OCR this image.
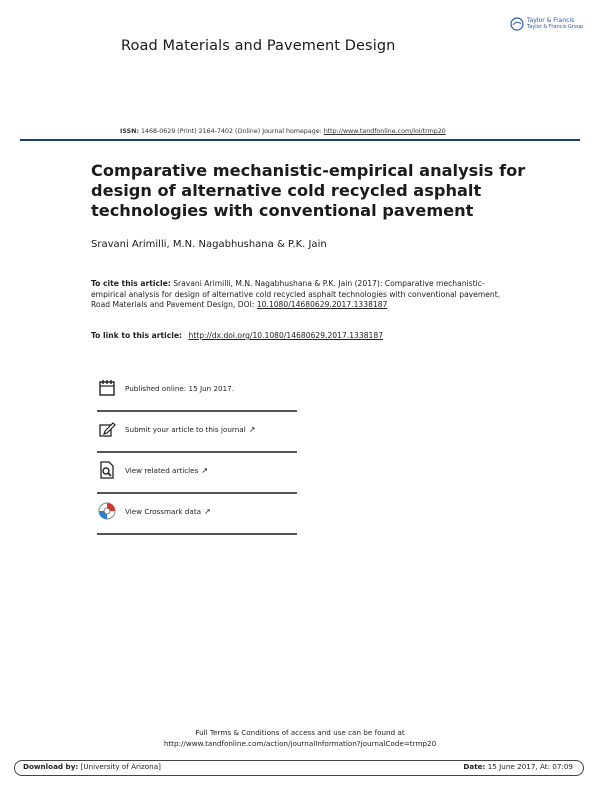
Road Materials and Pavement Design
Taylor & Francis
Taylor & Francis Group
ISSN: 1468-0629 (Print) 2164-7402 (Online) Journal homepage: http://www.tandfonline.com/loi/trmp20
Comparative mechanistic-empirical analysis for design of alternative cold recycled asphalt technologies with conventional pavement
Sravani Arimilli, M.N. Nagabhushana & P.K. Jain
To cite this article: Sravani Arimilli, M.N. Nagabhushana & P.K. Jain (2017): Comparative mechanistic-empirical analysis for design of alternative cold recycled asphalt technologies with conventional pavement, Road Materials and Pavement Design, DOI: 10.1080/14680629.2017.1338187
To link to this article: http://dx.doi.org/10.1080/14680629.2017.1338187
Published online: 15 Jun 2017.
Submit your article to this journal ↗
View related articles ↗
View Crossmark data ↗
Full Terms & Conditions of access and use can be found at
http://www.tandfonline.com/action/journalInformation?journalCode=trmp20
Download by: [University of Arizona]	Date: 15 June 2017, At: 07:09
